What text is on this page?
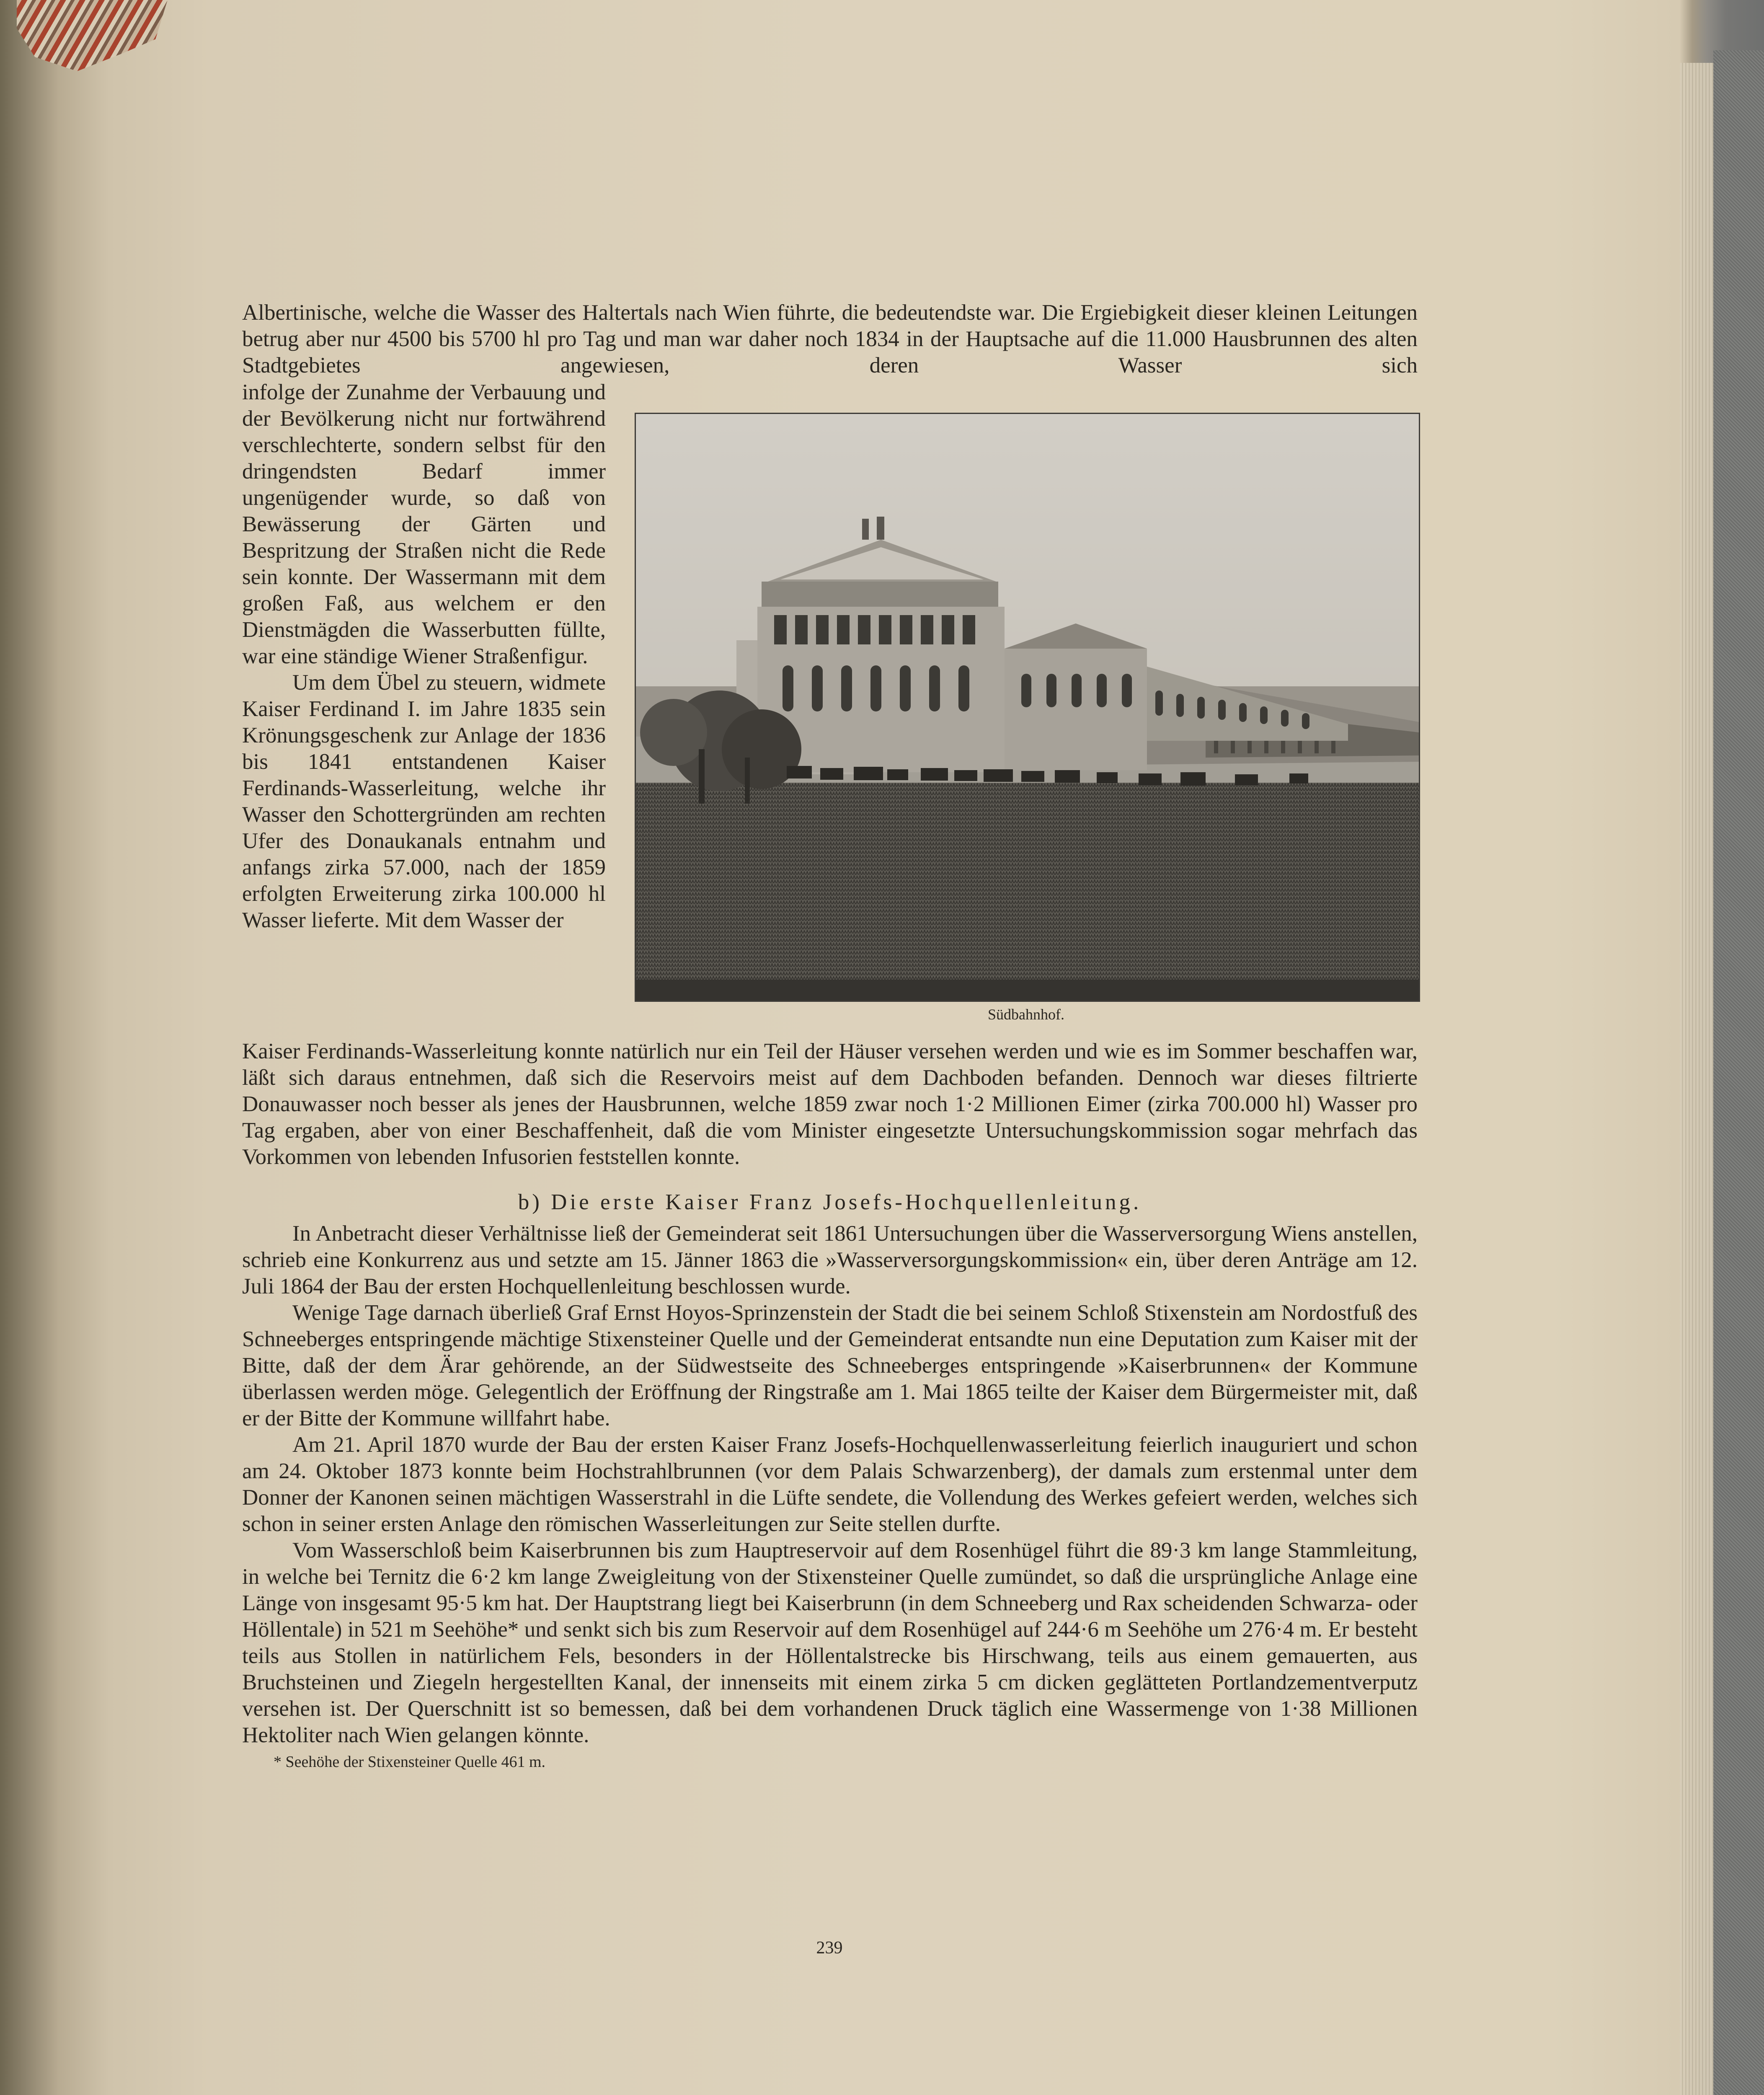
Albertinische, welche die Wasser des Haltertals nach Wien führte, die bedeutendste war. Die Ergiebigkeit dieser kleinen Leitungen betrug aber nur 4500 bis 5700 hl pro Tag und man war daher noch 1834 in der Hauptsache auf die 11.000 Hausbrunnen des alten Stadtgebietes angewiesen, deren Wasser sich

infolge der Zunahme der Verbauung und der Bevölkerung nicht nur fortwährend verschlechterte, sondern selbst für den dringendsten Bedarf immer ungenügender wurde, so daß von Bewässerung der Gärten und Bespritzung der Straßen nicht die Rede sein konnte. Der Wassermann mit dem großen Faß, aus welchem er den Dienstmägden die Wasserbutten füllte, war eine ständige Wiener Straßenfigur.

Um dem Übel zu steuern, widmete Kaiser Ferdinand I. im Jahre 1835 sein Krönungsgeschenk zur Anlage der 1836 bis 1841 entstandenen Kaiser Ferdinands-Wasserleitung, welche ihr Wasser den Schottergründen am rechten Ufer des Donaukanals entnahm und anfangs zirka 57.000, nach der 1859 erfolgten Erweiterung zirka 100.000 hl Wasser lieferte. Mit dem Wasser der

Südbahnhof.

Kaiser Ferdinands-Wasserleitung konnte natürlich nur ein Teil der Häuser versehen werden und wie es im Sommer beschaffen war, läßt sich daraus entnehmen, daß sich die Reservoirs meist auf dem Dachboden befanden. Dennoch war dieses filtrierte Donauwasser noch besser als jenes der Hausbrunnen, welche 1859 zwar noch 1·2 Millionen Eimer (zirka 700.000 hl) Wasser pro Tag ergaben, aber von einer Beschaffenheit, daß die vom Minister eingesetzte Untersuchungskommission sogar mehrfach das Vorkommen von lebenden Infusorien feststellen konnte.

b) Die erste Kaiser Franz Josefs-Hochquellenleitung.

In Anbetracht dieser Verhältnisse ließ der Gemeinderat seit 1861 Untersuchungen über die Wasserversorgung Wiens anstellen, schrieb eine Konkurrenz aus und setzte am 15. Jänner 1863 die »Wasserversorgungskommission« ein, über deren Anträge am 12. Juli 1864 der Bau der ersten Hochquellenleitung beschlossen wurde.

Wenige Tage darnach überließ Graf Ernst Hoyos-Sprinzenstein der Stadt die bei seinem Schloß Stixenstein am Nordostfuß des Schneeberges entspringende mächtige Stixensteiner Quelle und der Gemeinderat entsandte nun eine Deputation zum Kaiser mit der Bitte, daß der dem Ärar gehörende, an der Südwestseite des Schneeberges entspringende »Kaiserbrunnen« der Kommune überlassen werden möge. Gelegentlich der Eröffnung der Ringstraße am 1. Mai 1865 teilte der Kaiser dem Bürgermeister mit, daß er der Bitte der Kommune willfahrt habe.

Am 21. April 1870 wurde der Bau der ersten Kaiser Franz Josefs-Hochquellenwasserleitung feierlich inauguriert und schon am 24. Oktober 1873 konnte beim Hochstrahlbrunnen (vor dem Palais Schwarzenberg), der damals zum erstenmal unter dem Donner der Kanonen seinen mächtigen Wasserstrahl in die Lüfte sendete, die Vollendung des Werkes gefeiert werden, welches sich schon in seiner ersten Anlage den römischen Wasserleitungen zur Seite stellen durfte.

Vom Wasserschloß beim Kaiserbrunnen bis zum Hauptreservoir auf dem Rosenhügel führt die 89·3 km lange Stammleitung, in welche bei Ternitz die 6·2 km lange Zweigleitung von der Stixensteiner Quelle zumündet, so daß die ursprüngliche Anlage eine Länge von insgesamt 95·5 km hat. Der Hauptstrang liegt bei Kaiserbrunn (in dem Schneeberg und Rax scheidenden Schwarza- oder Höllentale) in 521 m Seehöhe* und senkt sich bis zum Reservoir auf dem Rosenhügel auf 244·6 m Seehöhe um 276·4 m. Er besteht teils aus Stollen in natürlichem Fels, besonders in der Höllentalstrecke bis Hirschwang, teils aus einem gemauerten, aus Bruchsteinen und Ziegeln hergestellten Kanal, der innenseits mit einem zirka 5 cm dicken geglätteten Portlandzementverputz versehen ist. Der Querschnitt ist so bemessen, daß bei dem vorhandenen Druck täglich eine Wassermenge von 1·38 Millionen Hektoliter nach Wien gelangen könnte.

* Seehöhe der Stixensteiner Quelle 461 m.

239
